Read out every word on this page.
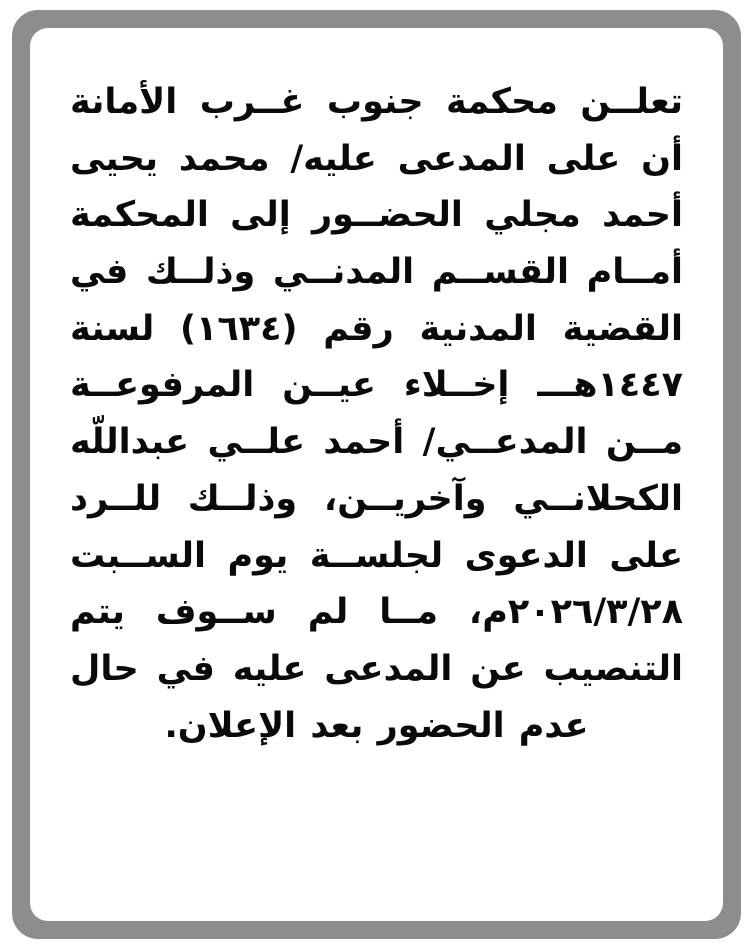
تعلــن محكمة جنوب غــرب الأمانة أن على المدعى عليه/ محمد يحيى أحمد مجلي الحضــور إلى المحكمة أمــام القســم المدنــي وذلــك في القضية المدنية رقم (١٦٣٤) لسنة ١٤٤٧هـــ إخــلاء عيــن المرفوعــة مــن المدعــي/ أحمد علــي عبداللّه الكحلانــي وآخريــن، وذلــك للــرد على الدعوى لجلســة يوم الســبت ٢٠٢٦/٣/٢٨م، مــا لم ســوف يتم التنصيب عن المدعى عليه في حال عدم الحضور بعد الإعلان.
